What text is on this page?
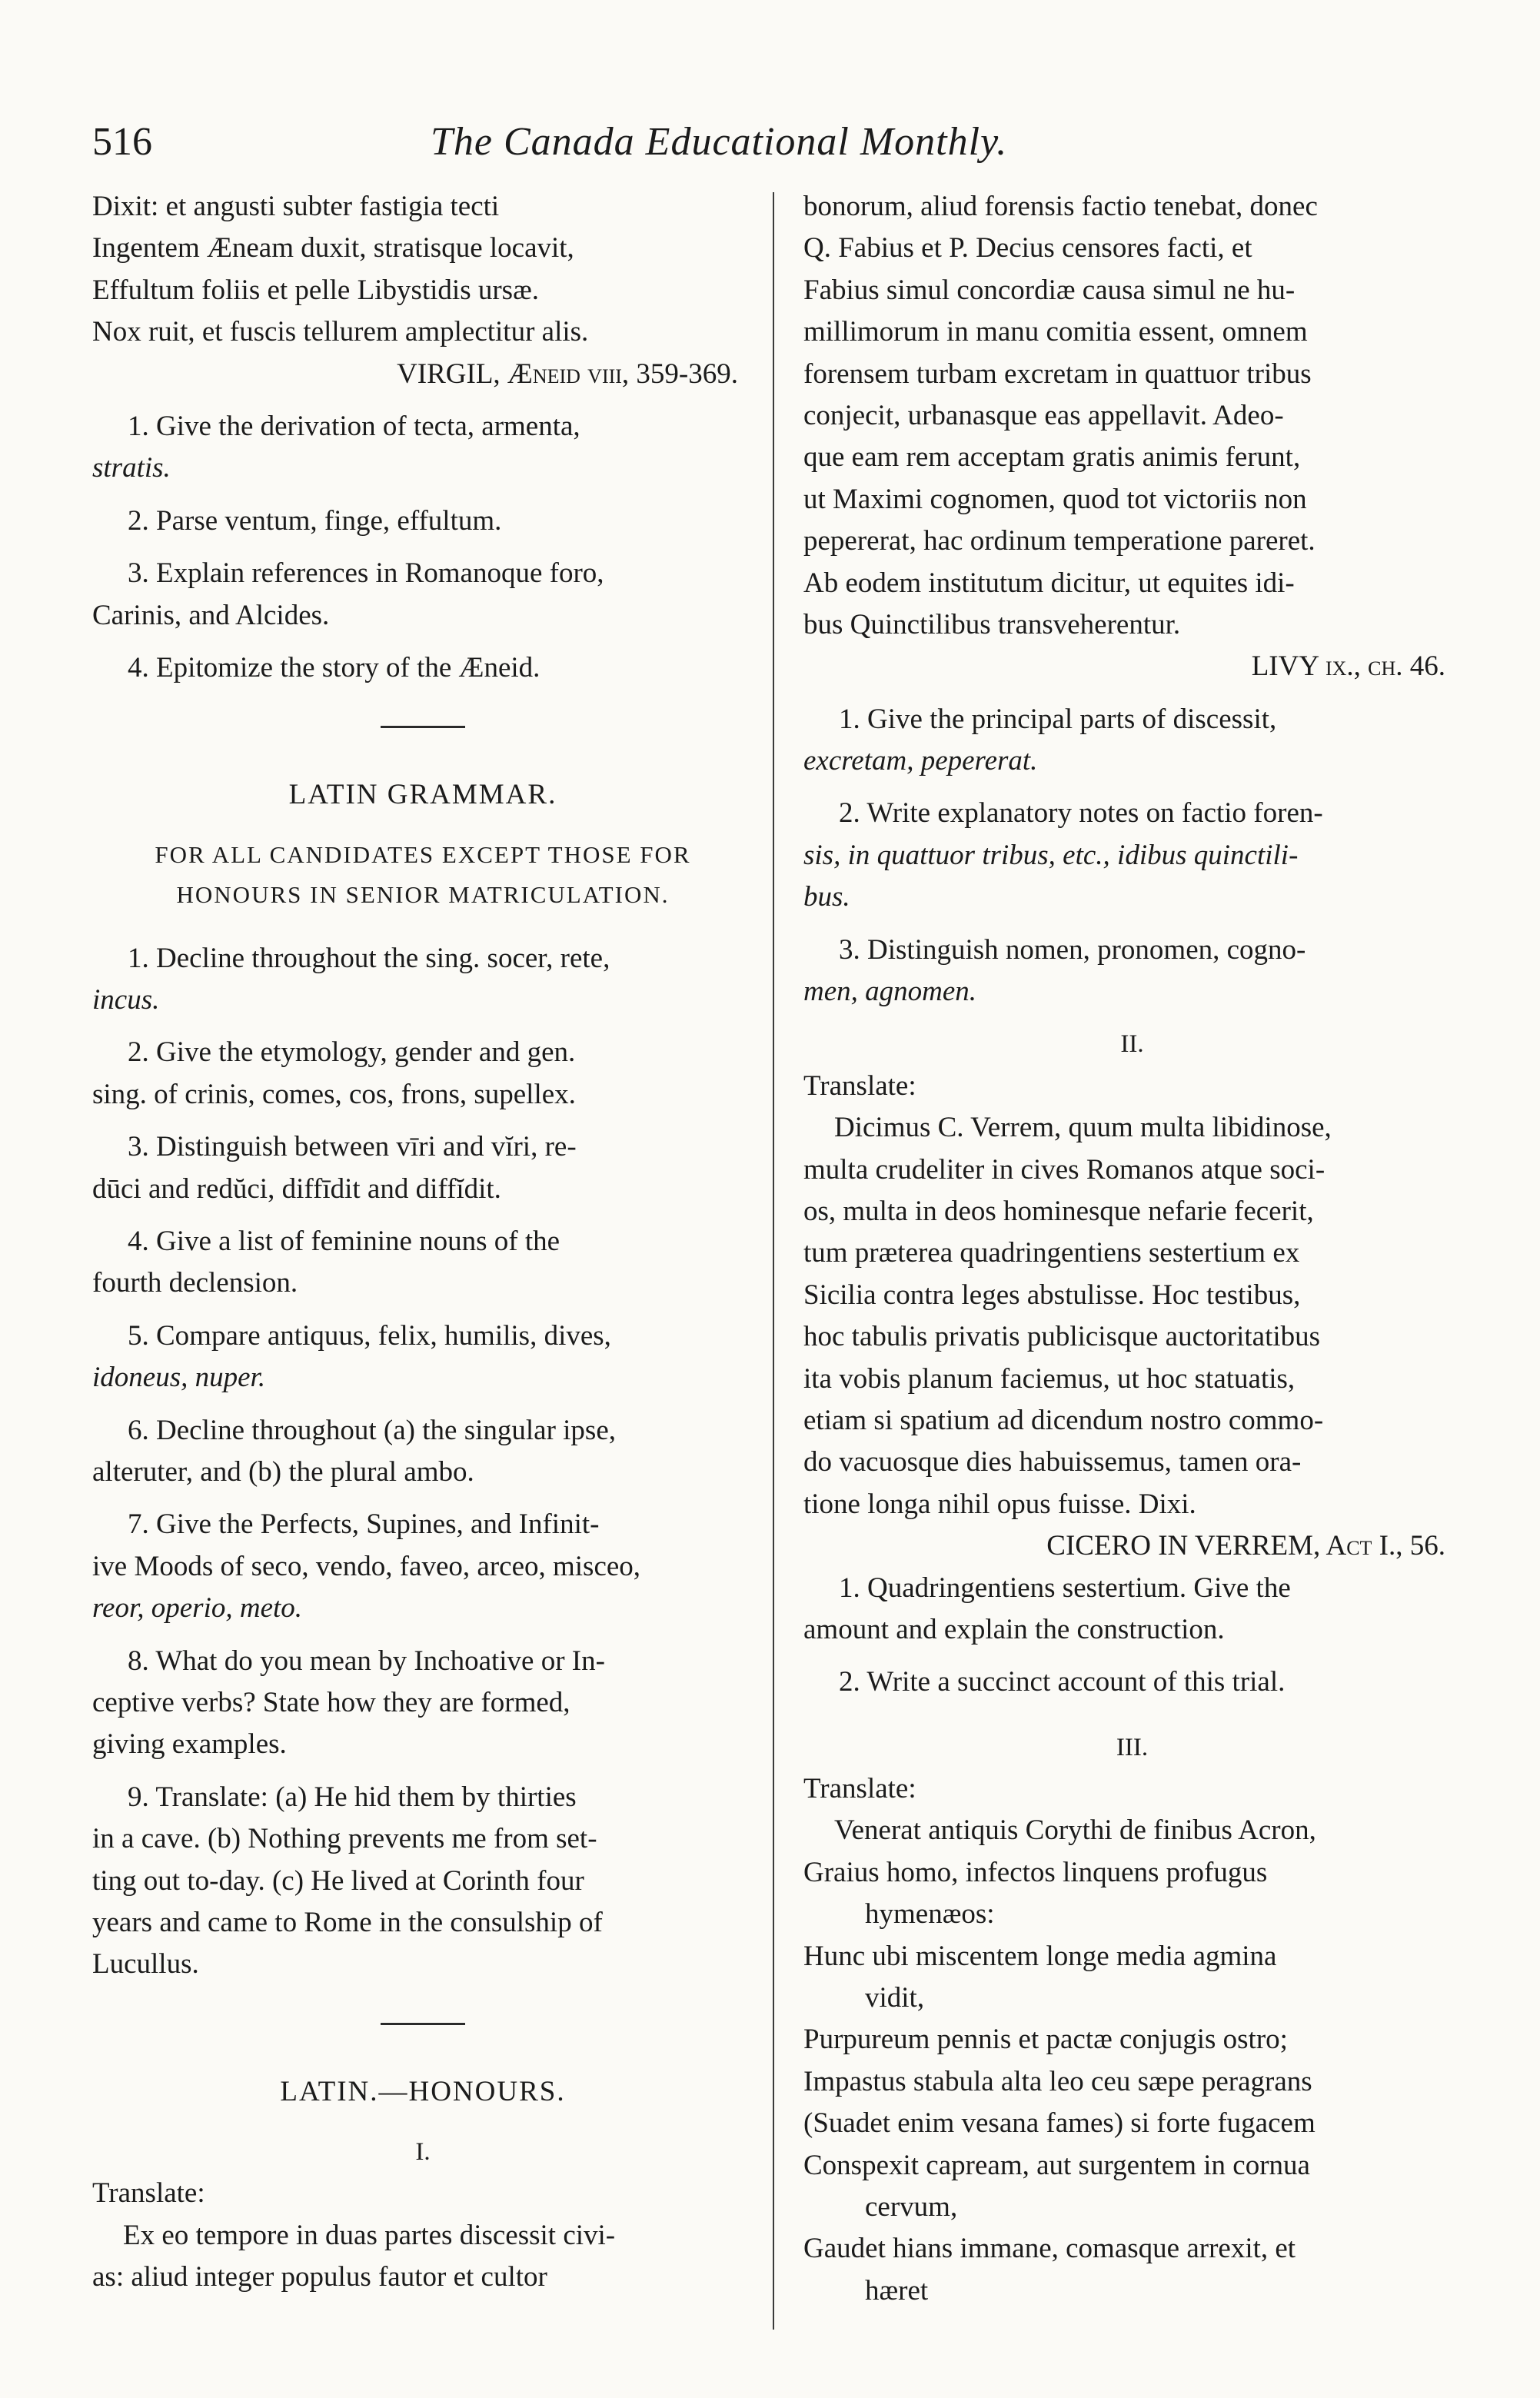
516	The Canada Educational Monthly.
Dixit: et angusti subter fastigia tecti
Ingentem Æneam duxit, stratisque locavit,
Effultum foliis et pelle Libystidis ursæ.
Nox ruit, et fuscis tellurem amplectitur alis.
VIRGIL, Æneid viii, 359-369.
1. Give the derivation of tecta, armenta,
stratis.
2. Parse ventum, finge, effultum.
3. Explain references in Romanoque foro,
Carinis, and Alcides.
4. Epitomize the story of the Æneid.
LATIN GRAMMAR.
FOR ALL CANDIDATES EXCEPT THOSE FOR
HONOURS IN SENIOR MATRICULATION.
1. Decline throughout the sing. socer, rete,
incus.
2. Give the etymology, gender and gen.
sing. of crinis, comes, cos, frons, supellex.
3. Distinguish between vīri and vĭri, re-
dūci and redŭci, diffīdit and diffĭdit.
4. Give a list of feminine nouns of the
fourth declension.
5. Compare antiquus, felix, humilis, dives,
idoneus, nuper.
6. Decline throughout (a) the singular ipse,
alteruter, and (b) the plural ambo.
7. Give the Perfects, Supines, and Infinit-
ive Moods of seco, vendo, faveo, arceo, misceo,
reor, operio, meto.
8. What do you mean by Inchoative or In-
ceptive verbs? State how they are formed,
giving examples.
9. Translate: (a) He hid them by thirties
in a cave. (b) Nothing prevents me from set-
ting out to-day. (c) He lived at Corinth four
years and came to Rome in the consulship of
Lucullus.
LATIN.—HONOURS.
I.
Translate:
Ex eo tempore in duas partes discessit civi-
as: aliud integer populus fautor et cultor
bonorum, aliud forensis factio tenebat, donec
Q. Fabius et P. Decius censores facti, et
Fabius simul concordiæ causa simul ne hu-
millimorum in manu comitia essent, omnem
forensem turbam excretam in quattuor tribus
conjecit, urbanasque eas appellavit. Adeo-
que eam rem acceptam gratis animis ferunt,
ut Maximi cognomen, quod tot victoriis non
pepererat, hac ordinum temperatione pareret.
Ab eodem institutum dicitur, ut equites idi-
bus Quinctilibus transveherentur.
LIVY ix., ch. 46.
1. Give the principal parts of discessit,
excretam, pepererat.
2. Write explanatory notes on factio foren-
sis, in quattuor tribus, etc., idibus quinctili-
bus.
3. Distinguish nomen, pronomen, cogno-
men, agnomen.
II.
Translate:
Dicimus C. Verrem, quum multa libidinose,
multa crudeliter in cives Romanos atque soci-
os, multa in deos hominesque nefarie fecerit,
tum præterea quadringentiens sestertium ex
Sicilia contra leges abstulisse. Hoc testibus,
hoc tabulis privatis publicisque auctoritatibus
ita vobis planum faciemus, ut hoc statuatis,
etiam si spatium ad dicendum nostro commo-
do vacuosque dies habuissemus, tamen ora-
tione longa nihil opus fuisse. Dixi.
CICERO IN VERREM, Act I., 56.
1. Quadringentiens sestertium. Give the
amount and explain the construction.
2. Write a succinct account of this trial.
III.
Translate:
Venerat antiquis Corythi de finibus Acron,
Graius homo, infectos linquens profugus
hymenæos:
Hunc ubi miscentem longe media agmina
vidit,
Purpureum pennis et pactæ conjugis ostro;
Impastus stabula alta leo ceu sæpe peragrans
(Suadet enim vesana fames) si forte fugacem
Conspexit capream, aut surgentem in cornua
cervum,
Gaudet hians immane, comasque arrexit, et
hæret
